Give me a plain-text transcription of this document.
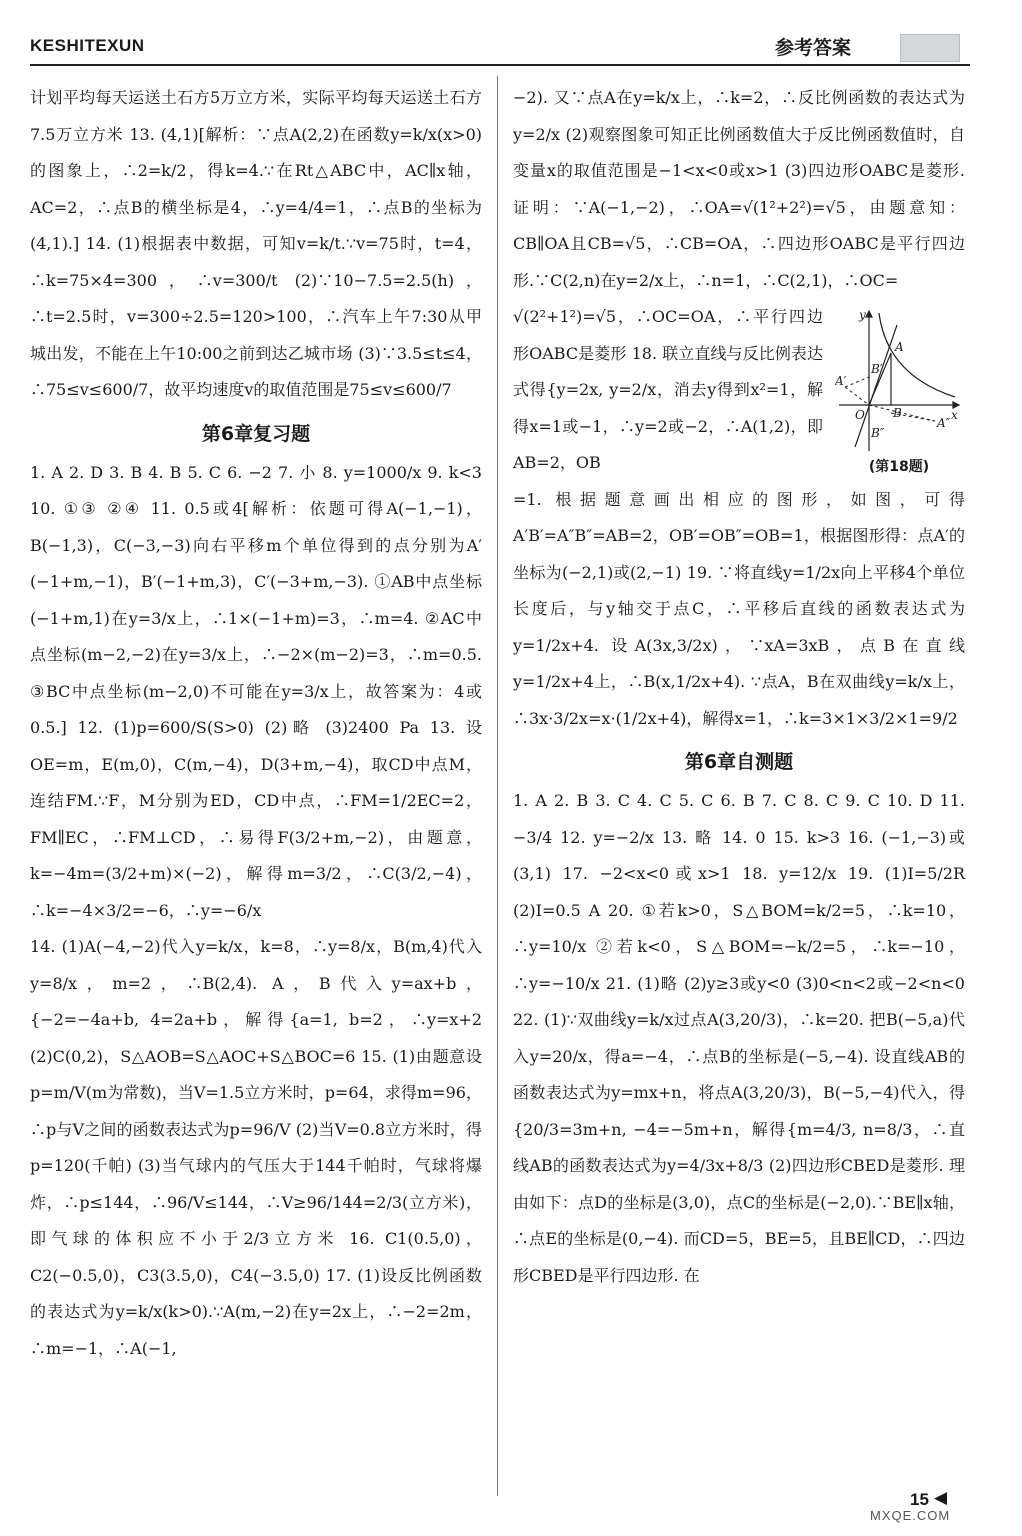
KESHITEXUN	参考答案

计划平均每天运送土石方5万立方米，实际平均每天运送土石方7.5万立方米 13. (4,1)[解析：∵点A(2,2)在函数y=k/x(x>0)的图象上，∴2=k/2，得k=4.∵在Rt△ABC中，AC∥x轴，AC=2，∴点B的横坐标是4，∴y=4/4=1，∴点B的坐标为(4,1).] 14. (1)根据表中数据，可知v=k/t.∵v=75时，t=4，∴k=75×4=300，∴v=300/t (2)∵10−7.5=2.5(h)，∴t=2.5时，v=300÷2.5=120>100，∴汽车上午7:30从甲城出发，不能在上午10:00之前到达乙城市场 (3)∵3.5≤t≤4，∴75≤v≤600/7，故平均速度v的取值范围是75≤v≤600/7

第6章复习题

1. A 2. D 3. B 4. B 5. C 6. −2 7. 小 8. y=1000/x 9. k<3 10. ①③ ②④ 11. 0.5或4[解析：依题可得A(−1,−1)，B(−1,3)，C(−3,−3)向右平移m个单位得到的点分别为A′(−1+m,−1)，B′(−1+m,3)，C′(−3+m,−3). ①AB中点坐标(−1+m,1)在y=3/x上，∴1×(−1+m)=3，∴m=4. ②AC中点坐标(m−2,−2)在y=3/x上，∴−2×(m−2)=3，∴m=0.5. ③BC中点坐标(m−2,0)不可能在y=3/x上，故答案为：4或0.5.] 12. (1)p=600/S(S>0) (2)略 (3)2400 Pa 13. 设OE=m，E(m,0)，C(m,−4)，D(3+m,−4)，取CD中点M，连结FM.∵F，M分别为ED，CD中点，∴FM=1/2EC=2，FM∥EC，∴FM⊥CD，∴易得F(3/2+m,−2)，由题意，k=−4m=(3/2+m)×(−2)，解得m=3/2，∴C(3/2,−4)，∴k=−4×3/2=−6，∴y=−6/x

14. (1)A(−4,−2)代入y=k/x，k=8，∴y=8/x，B(m,4)代入y=8/x，m=2，∴B(2,4). A，B代入y=ax+b，{−2=−4a+b, 4=2a+b，解得{a=1, b=2，∴y=x+2 (2)C(0,2)，S△AOB=S△AOC+S△BOC=6 15. (1)由题意设p=m/V(m为常数)，当V=1.5立方米时，p=64，求得m=96，∴p与V之间的函数表达式为p=96/V (2)当V=0.8立方米时，得p=120(千帕) (3)当气球内的气压大于144千帕时，气球将爆炸，∴p≤144，∴96/V≤144，∴V≥96/144=2/3(立方米)，即气球的体积应不小于2/3立方米 16. C1(0.5,0)，C2(−0.5,0)，C3(3.5,0)，C4(−3.5,0) 17. (1)设反比例函数的表达式为y=k/x(k>0).∵A(m,−2)在y=2x上，∴−2=2m，∴m=−1，∴A(−1,

−2). 又∵点A在y=k/x上，∴k=2，∴反比例函数的表达式为y=2/x (2)观察图象可知正比例函数值大于反比例函数值时，自变量x的取值范围是−1<x<0或x>1 (3)四边形OABC是菱形. 证明：∵A(−1,−2)，∴OA=√(1²+2²)=√5，由题意知：CB∥OA且CB=√5，∴CB=OA，∴四边形OABC是平行四边形.∵C(2,n)在y=2/x上，∴n=1，∴C(2,1)，∴OC=

√(2²+1²)=√5，∴OC=OA，∴平行四边形OABC是菱形 18. 联立直线与反比例表达式得{y=2x, y=2/x，消去y得到x²=1，解得x=1或−1，∴y=2或−2，∴A(1,2)，即AB=2，OB

y
x
O
A
A′
A″
B
B′
B″
(第18题)

=1. 根据题意画出相应的图形，如图，可得A′B′=A″B″=AB=2，OB′=OB″=OB=1，根据图形得：点A′的坐标为(−2,1)或(2,−1) 19. ∵将直线y=1/2x向上平移4个单位长度后，与y轴交于点C，∴平移后直线的函数表达式为y=1/2x+4. 设A(3x,3/2x)，∵xA=3xB，点B在直线y=1/2x+4上，∴B(x,1/2x+4). ∵点A，B在双曲线y=k/x上，∴3x·3/2x=x·(1/2x+4)，解得x=1，∴k=3×1×3/2×1=9/2

第6章自测题

1. A 2. B 3. C 4. C 5. C 6. B 7. C 8. C 9. C 10. D 11. −3/4 12. y=−2/x 13. 略 14. 0 15. k>3 16. (−1,−3)或(3,1) 17. −2<x<0或x>1 18. y=12/x 19. (1)I=5/2R (2)I=0.5 A 20. ①若k>0，S△BOM=k/2=5，∴k=10，∴y=10/x ②若k<0，S△BOM=−k/2=5，∴k=−10，∴y=−10/x 21. (1)略 (2)y≥3或y<0 (3)0<n<2或−2<n<0 22. (1)∵双曲线y=k/x过点A(3,20/3)，∴k=20. 把B(−5,a)代入y=20/x，得a=−4，∴点B的坐标是(−5,−4). 设直线AB的函数表达式为y=mx+n，将点A(3,20/3)，B(−5,−4)代入，得{20/3=3m+n, −4=−5m+n，解得{m=4/3, n=8/3，∴直线AB的函数表达式为y=4/3x+8/3 (2)四边形CBED是菱形. 理由如下：点D的坐标是(3,0)，点C的坐标是(−2,0).∵BE∥x轴，∴点E的坐标是(0,−4). 而CD=5，BE=5，且BE∥CD，∴四边形CBED是平行四边形. 在

15 ◀
MXQE.COM
